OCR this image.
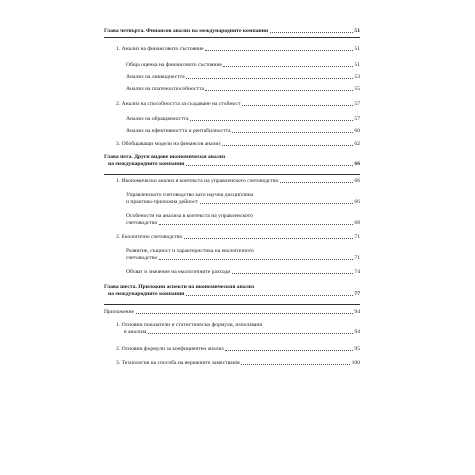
Глава четвърта. Финансов анализ на международните компании	51
1. Анализ на финансовото състояние	51
Обща оценка на финансовото състояние	51
Анализ на ликвидността	53
Анализ на платежоспособността	55
2. Анализ на способността за създаване на стойност	57
Анализ на обращаемостта	57
Анализ на ефективността и рентабилността	60
3. Обобщаващи модели на финансов анализ	62
Глава пета. Други видове икономически анализ
на международните компании	66
1. Икономически анализ в контекста на управленското счетоводство	66
Управленското счетоводство като научна дисциплина
и практико-приложна дейност	66
Особености на анализа в контекста на управленското
счетоводство	68
2. Екологично счетоводство	71
Развитие, същност и характеристика на екологичното
счетоводство	71
Обхват и значение на екологичните разходи	74
Глава шеста. Приложни аспекти на икономическия анализ
на международните компании	77
Приложение	94
1. Основни показатели и статистически формули, използвани
в анализа	94
2. Основни формули за коефициентен анализ	95
3. Технология на способа на верижните заместванія	100
